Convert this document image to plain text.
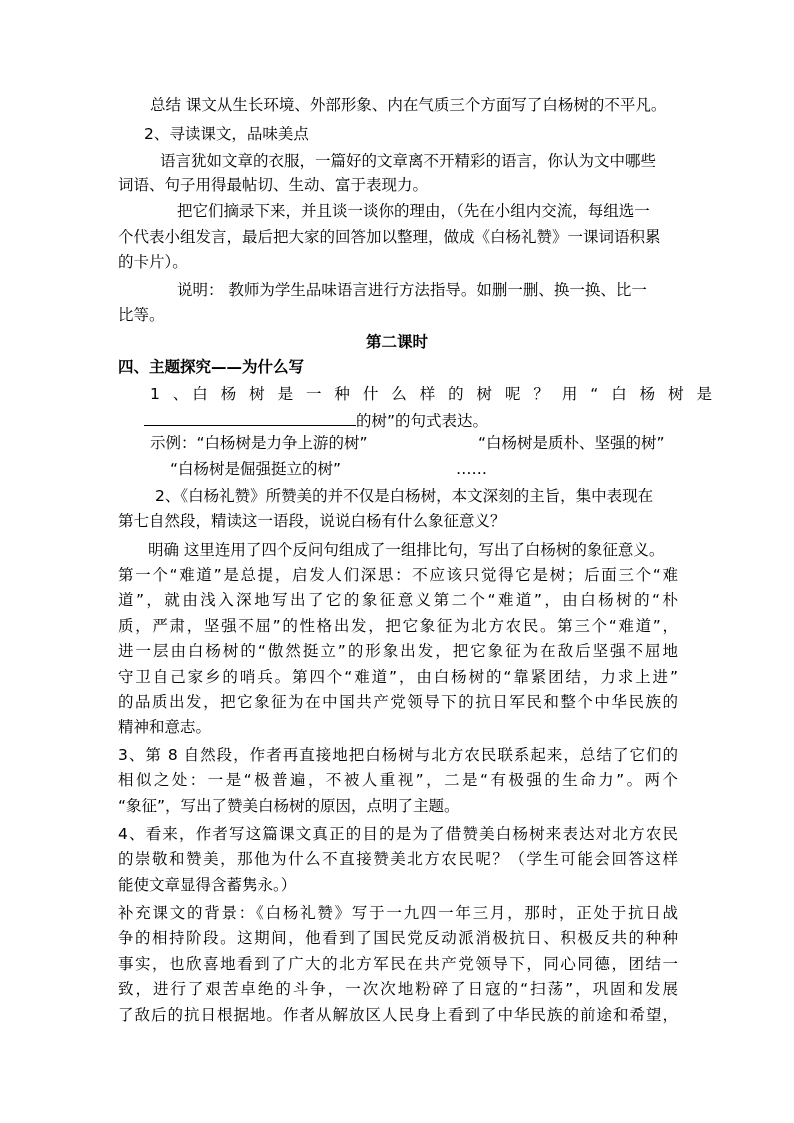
总结 课文从生长环境、外部形象、内在气质三个方面写了白杨树的不平凡。
2、寻读课文，品味美点
语言犹如文章的衣服，一篇好的文章离不开精彩的语言，你认为文中哪些
词语、句子用得最帖切、生动、富于表现力。
把它们摘录下来，并且谈一谈你的理由，（先在小组内交流，每组选一
个代表小组发言，最后把大家的回答加以整理，做成《白杨礼赞》一课词语积累
的卡片）。
说明： 教师为学生品味语言进行方法指导。如删一删、换一换、比一
比等。
第二课时
四、主题探究——为什么写
1 、白 杨 树 是 一 种 什 么 样 的 树 呢 ？ 用 “ 白 杨 树 是
的树”的句式表达。
示例：“白杨树是力争上游的树”	“白杨树是质朴、坚强的树”
“白杨树是倔强挺立的树”	……
2、《白杨礼赞》所赞美的并不仅是白杨树，本文深刻的主旨，集中表现在
第七自然段，精读这一语段，说说白杨有什么象征意义？
明确 这里连用了四个反问句组成了一组排比句，写出了白杨树的象征意义。
第一个“难道”是总提，启发人们深思：不应该只觉得它是树；后面三个“难
道”，就由浅入深地写出了它的象征意义第二个“难道”，由白杨树的“朴
质，严肃，坚强不屈”的性格出发，把它象征为北方农民。第三个“难道”，
进一层由白杨树的“傲然挺立”的形象出发，把它象征为在敌后坚强不屈地
守卫自己家乡的哨兵。第四个“难道”，由白杨树的“靠紧团结，力求上进”
的品质出发，把它象征为在中国共产党领导下的抗日军民和整个中华民族的
精神和意志。
3、第 8 自然段，作者再直接地把白杨树与北方农民联系起来，总结了它们的
相似之处：一是“极普遍，不被人重视”，二是“有极强的生命力”。两个
“象征”，写出了赞美白杨树的原因，点明了主题。
4、看来，作者写这篇课文真正的目的是为了借赞美白杨树来表达对北方农民
的崇敬和赞美，那他为什么不直接赞美北方农民呢？（学生可能会回答这样
能使文章显得含蓄隽永。）
补充课文的背景：《白杨礼赞》写于一九四一年三月，那时，正处于抗日战
争的相持阶段。这期间，他看到了国民党反动派消极抗日、积极反共的种种
事实，也欣喜地看到了广大的北方军民在共产党领导下，同心同德，团结一
致，进行了艰苦卓绝的斗争，一次次地粉碎了日寇的“扫荡”，巩固和发展
了敌后的抗日根据地。作者从解放区人民身上看到了中华民族的前途和希望，
